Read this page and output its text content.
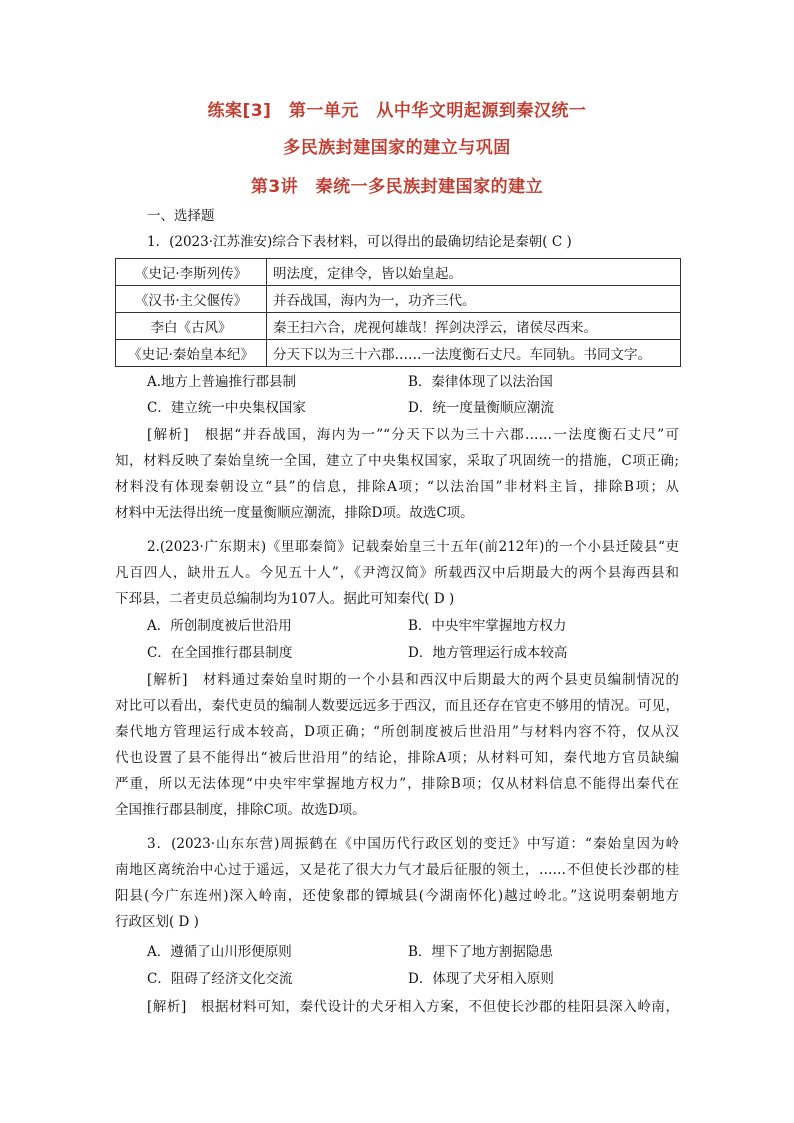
练案[3]　第一单元　从中华文明起源到秦汉统一
多民族封建国家的建立与巩固
第3讲　秦统一多民族封建国家的建立
一、选择题
1．(2023·江苏淮安)综合下表材料，可以得出的最确切结论是秦朝( C )
《史记·李斯列传》	明法度，定律令，皆以始皇起。
《汉书·主父偃传》	并吞战国，海内为一，功齐三代。
李白《古风》	秦王扫六合，虎视何雄哉！挥剑决浮云，诸侯尽西来。
《史记·秦始皇本纪》	分天下以为三十六郡……一法度衡石丈尺。车同轨。书同文字。
A.地方上普遍推行郡县制	B．秦律体现了以法治国
C．建立统一中央集权国家	D．统一度量衡顺应潮流
[解析]　根据“并吞战国，海内为一”“分天下以为三十六郡……一法度衡石丈尺”可
知，材料反映了秦始皇统一全国，建立了中央集权国家，采取了巩固统一的措施，C项正确;
材料没有体现秦朝设立“县”的信息，排除A项；“以法治国”非材料主旨，排除B项；从
材料中无法得出统一度量衡顺应潮流，排除D项。故选C项。
2.(2023·广东期末)《里耶秦简》记载秦始皇三十五年(前212年)的一个小县迁陵县“吏
凡百四人，缺卅五人。今见五十人”，《尹湾汉简》所载西汉中后期最大的两个县海西县和
下邳县，二者吏员总编制均为107人。据此可知秦代( D )
A．所创制度被后世沿用	B．中央牢牢掌握地方权力
C．在全国推行郡县制度	D．地方管理运行成本较高
[解析]　材料通过秦始皇时期的一个小县和西汉中后期最大的两个县吏员编制情况的
对比可以看出，秦代吏员的编制人数要远远多于西汉，而且还存在官吏不够用的情况。可见，
秦代地方管理运行成本较高，D项正确；“所创制度被后世沿用”与材料内容不符，仅从汉
代也设置了县不能得出“被后世沿用”的结论，排除A项；从材料可知，秦代地方官员缺编
严重，所以无法体现“中央牢牢掌握地方权力”，排除B项；仅从材料信息不能得出秦代在
全国推行郡县制度，排除C项。故选D项。
3．(2023·山东东营)周振鹤在《中国历代行政区划的变迁》中写道：“秦始皇因为岭
南地区离统治中心过于遥远，又是花了很大力气才最后征服的领土，……不但使长沙郡的桂
阳县(今广东连州)深入岭南，还使象郡的镡城县(今湖南怀化)越过岭北。”这说明秦朝地方
行政区划( D )
A．遵循了山川形便原则	B．埋下了地方割据隐患
C．阻碍了经济文化交流	D．体现了犬牙相入原则
[解析]　根据材料可知，秦代设计的犬牙相入方案，不但使长沙郡的桂阳县深入岭南，
